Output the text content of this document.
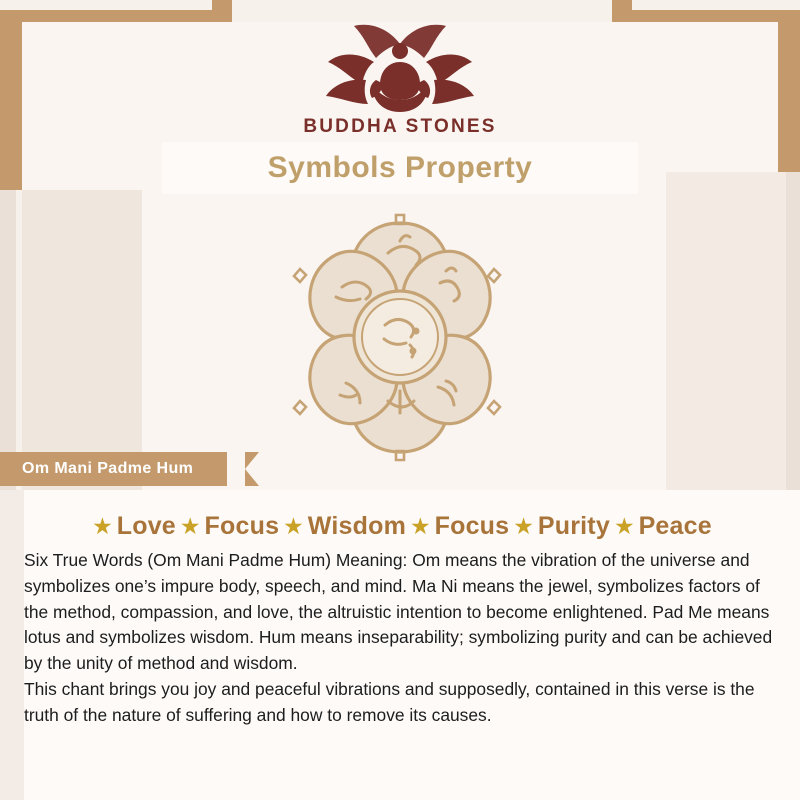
BUDDHA STONES
Symbols Property
Om Mani Padme Hum
★ Love ★ Focus ★ Wisdom ★ Focus ★ Purity ★ Peace

Six True Words (Om Mani Padme Hum) Meaning: Om means the vibration of the universe and symbolizes one’s impure body, speech, and mind. Ma Ni means the jewel, symbolizes factors of the method, compassion, and love, the altruistic intention to become enlightened. Pad Me means lotus and symbolizes wisdom. Hum means inseparability; symbolizing purity and can be achieved by the unity of method and wisdom.

This chant brings you joy and peaceful vibrations and supposedly, contained in this verse is the truth of the nature of suffering and how to remove its causes.
